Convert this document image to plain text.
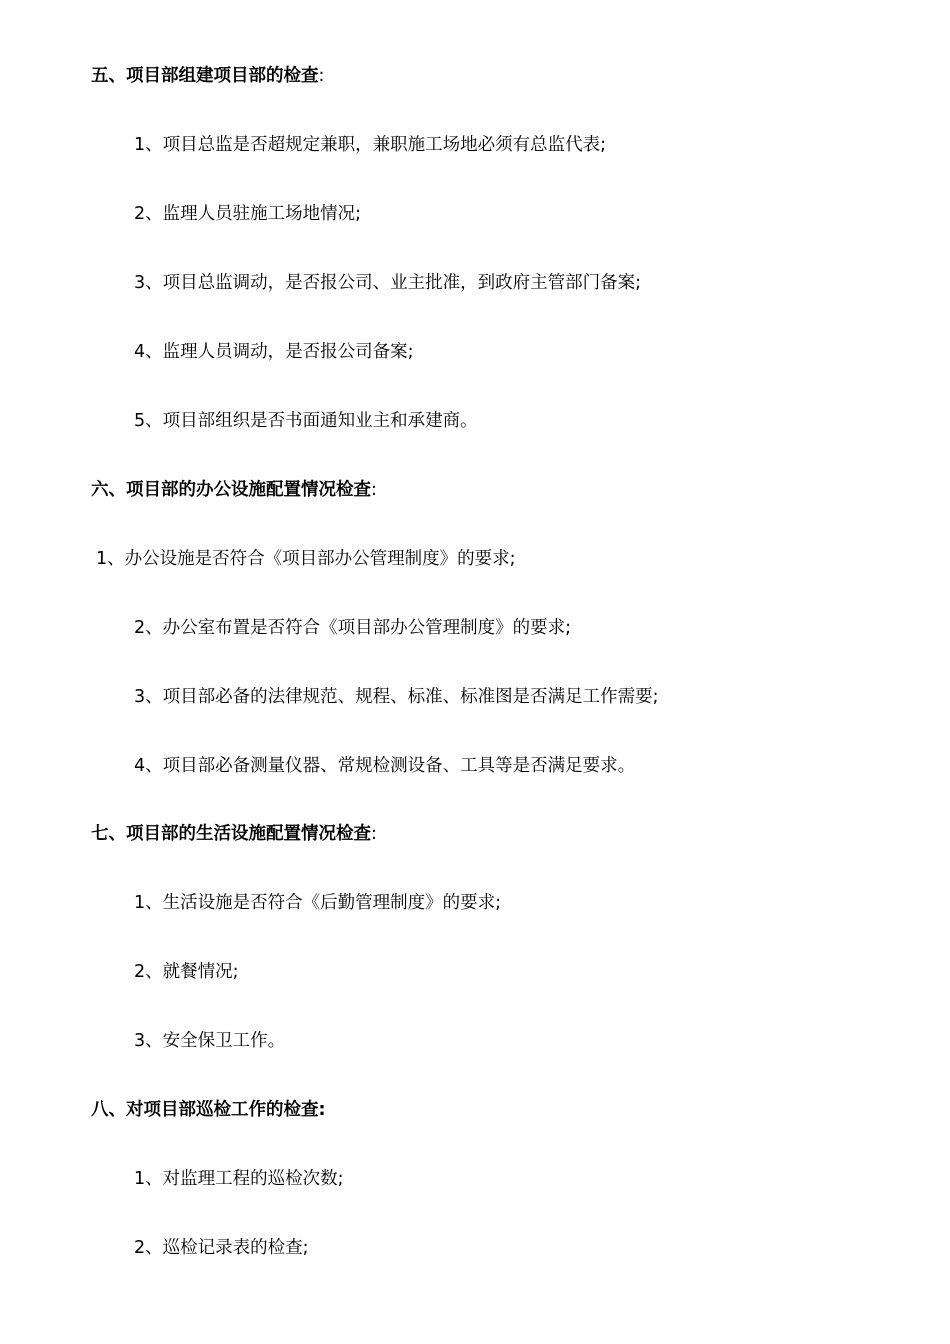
五、项目部组建项目部的检查:
1、项目总监是否超规定兼职，兼职施工场地必须有总监代表;
2、监理人员驻施工场地情况;
3、项目总监调动，是否报公司、业主批准，到政府主管部门备案;
4、监理人员调动，是否报公司备案;
5、项目部组织是否书面通知业主和承建商。
六、项目部的办公设施配置情况检查:
1、办公设施是否符合《项目部办公管理制度》的要求;
2、办公室布置是否符合《项目部办公管理制度》的要求;
3、项目部必备的法律规范、规程、标准、标准图是否满足工作需要;
4、项目部必备测量仪器、常规检测设备、工具等是否满足要求。
七、项目部的生活设施配置情况检查:
1、生活设施是否符合《后勤管理制度》的要求;
2、就餐情况;
3、安全保卫工作。
八、对项目部巡检工作的检查:
1、对监理工程的巡检次数;
2、巡检记录表的检查;
